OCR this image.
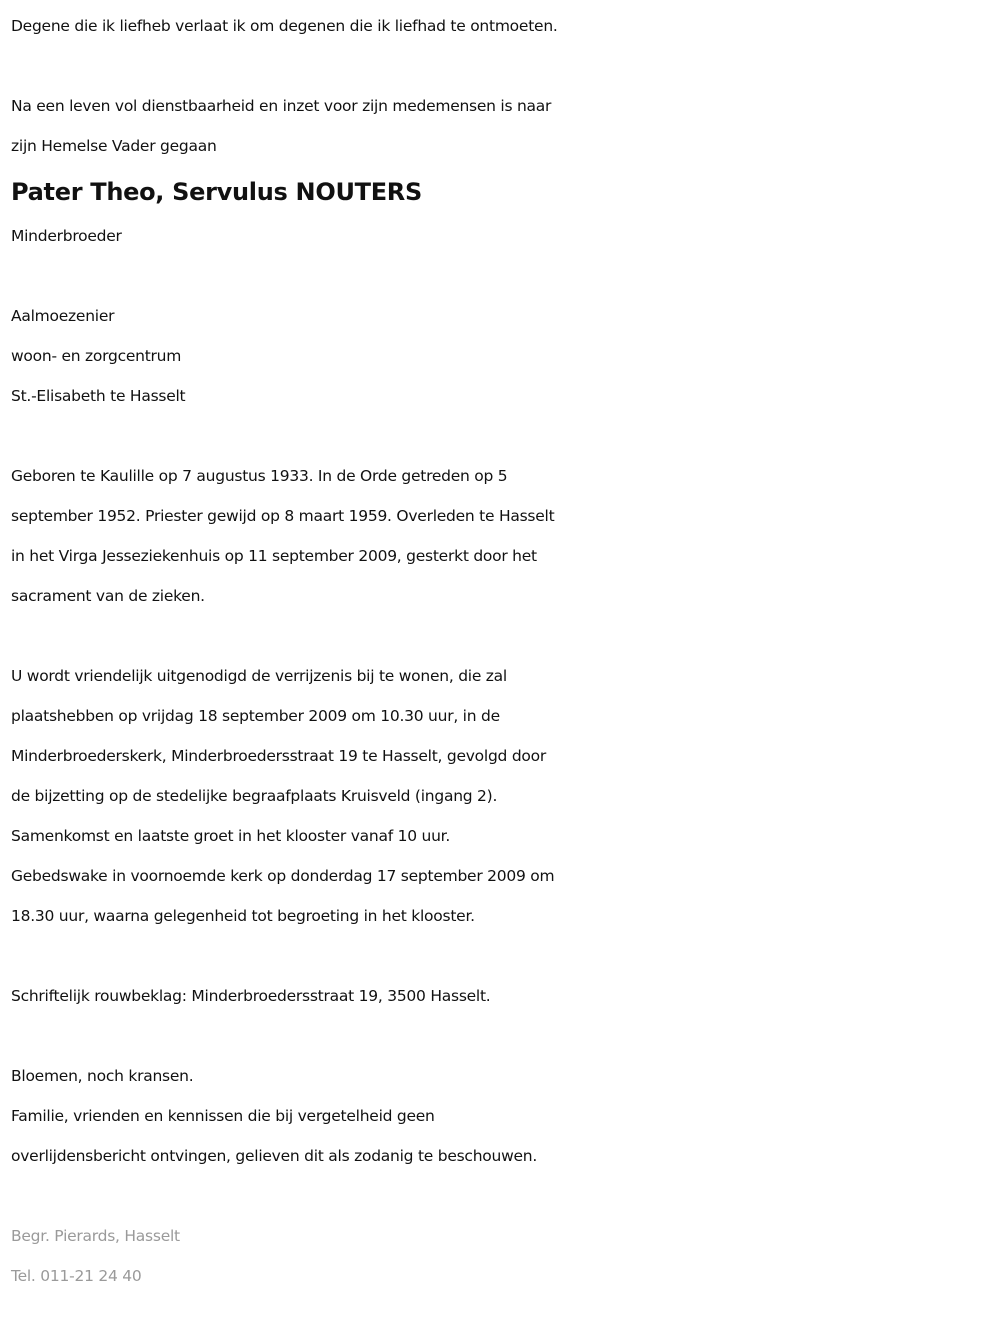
Degene die ik liefheb verlaat ik om degenen die ik liefhad te ontmoeten.
Na een leven vol dienstbaarheid en inzet voor zijn medemensen is naar
zijn Hemelse Vader gegaan
Pater Theo, Servulus NOUTERS
Minderbroeder
Aalmoezenier
woon- en zorgcentrum
St.-Elisabeth te Hasselt
Geboren te Kaulille op 7 augustus 1933. In de Orde getreden op 5
september 1952. Priester gewijd op 8 maart 1959. Overleden te Hasselt
in het Virga Jesseziekenhuis op 11 september 2009, gesterkt door het
sacrament van de zieken.
U wordt vriendelijk uitgenodigd de verrijzenis bij te wonen, die zal
plaatshebben op vrijdag 18 september 2009 om 10.30 uur, in de
Minderbroederskerk, Minderbroedersstraat 19 te Hasselt, gevolgd door
de bijzetting op de stedelijke begraafplaats Kruisveld (ingang 2).
Samenkomst en laatste groet in het klooster vanaf 10 uur.
Gebedswake in voornoemde kerk op donderdag 17 september 2009 om
18.30 uur, waarna gelegenheid tot begroeting in het klooster.
Schriftelijk rouwbeklag: Minderbroedersstraat 19, 3500 Hasselt.
Bloemen, noch kransen.
Familie, vrienden en kennissen die bij vergetelheid geen
overlijdensbericht ontvingen, gelieven dit als zodanig te beschouwen.
Begr. Pierards, Hasselt
Tel. 011-21 24 40
